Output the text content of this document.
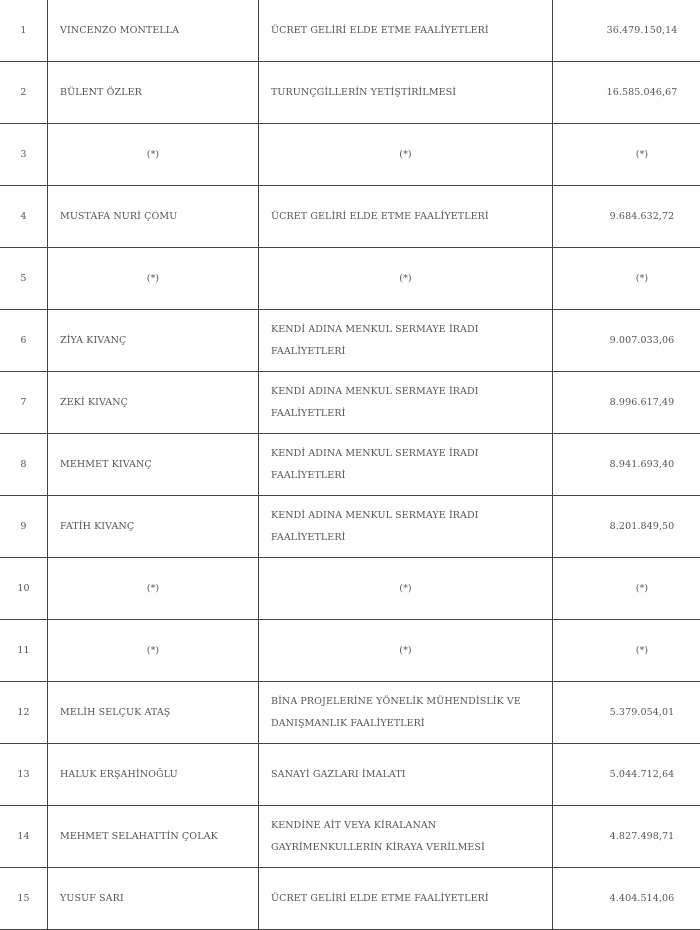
1	VINCENZO MONTELLA	ÜCRET GELİRİ ELDE ETME FAALİYETLERİ	36.479.150,14
2	BÜLENT ÖZLER	TURUNÇGİLLERİN YETİŞTİRİLMESİ	16.585.046,67
3	(*)	(*)	(*)
4	MUSTAFA NURİ ÇOMU	ÜCRET GELİRİ ELDE ETME FAALİYETLERİ	9.684.632,72
5	(*)	(*)	(*)
6	ZİYA KIVANÇ	KENDİ ADINA MENKUL SERMAYE İRADI FAALİYETLERİ	9.007.033,06
7	ZEKİ KIVANÇ	KENDİ ADINA MENKUL SERMAYE İRADI FAALİYETLERİ	8.996.617,49
8	MEHMET KIVANÇ	KENDİ ADINA MENKUL SERMAYE İRADI FAALİYETLERİ	8.941.693,40
9	FATİH KIVANÇ	KENDİ ADINA MENKUL SERMAYE İRADI FAALİYETLERİ	8.201.849,50
10	(*)	(*)	(*)
11	(*)	(*)	(*)
12	MELİH SELÇUK ATAŞ	BİNA PROJELERİNE YÖNELİK MÜHENDİSLİK VE DANIŞMANLIK FAALİYETLERİ	5.379.054,01
13	HALUK ERŞAHİNOĞLU	SANAYİ GAZLARI İMALATI	5.044.712,64
14	MEHMET SELAHATTİN ÇOLAK	KENDİNE AİT VEYA KİRALANAN GAYRİMENKULLERİN KİRAYA VERİLMESİ	4.827.498,71
15	YUSUF SARI	ÜCRET GELİRİ ELDE ETME FAALİYETLERİ	4.404.514,06
